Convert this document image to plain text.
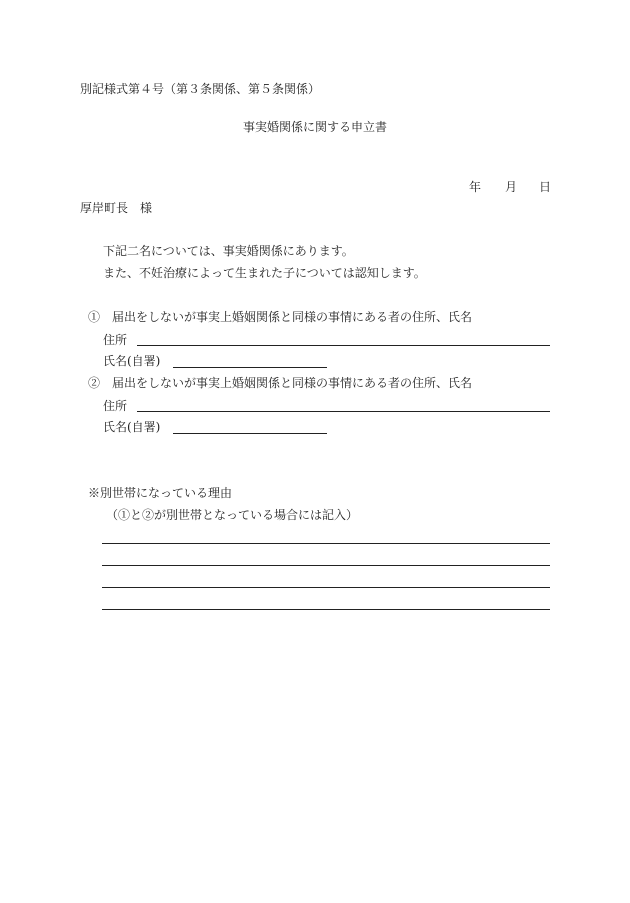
別記様式第４号（第３条関係、第５条関係）
事実婚関係に関する申立書
年 月 日
厚岸町長　様
下記二名については、事実婚関係にあります。
また、不妊治療によって生まれた子については認知します。
①　届出をしないが事実上婚姻関係と同様の事情にある者の住所、氏名
住所
氏名(自署)
②　届出をしないが事実上婚姻関係と同様の事情にある者の住所、氏名
住所
氏名(自署)
※別世帯になっている理由
（①と②が別世帯となっている場合には記入）
